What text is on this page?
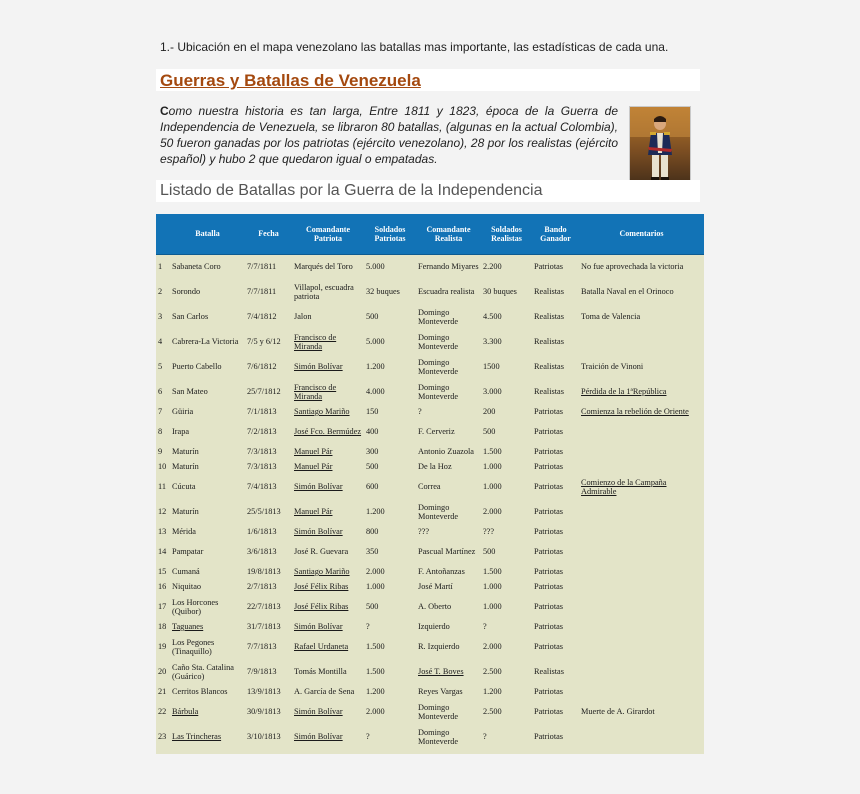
1.- Ubicación en el mapa venezolano las batallas mas importante, las estadísticas de cada una.
Guerras y Batallas de Venezuela
Como nuestra historia es tan larga, Entre 1811 y 1823, época de la Guerra de Independencia de Venezuela, se libraron 80 batallas, (algunas en la actual Colombia), 50 fueron ganadas por los patriotas (ejército venezolano), 28 por los realistas (ejército español) y hubo 2 que quedaron igual o empatadas.
Listado de Batallas por la Guerra de la Independencia
	Batalla	Fecha	Comandante Patriota	Soldados Patriotas	Comandante Realista	Soldados Realistas	Bando Ganador	Comentarios
1	Sabaneta Coro	7/7/1811	Marqués del Toro	5.000	Fernando Miyares	2.200	Patriotas	No fue aprovechada la victoria
2	Sorondo	7/7/1811	Villapol, escuadra patriota	32 buques	Escuadra realista	30 buques	Realistas	Batalla Naval en el Orinoco
3	San Carlos	7/4/1812	Jalon	500	Domingo Monteverde	4.500	Realistas	Toma de Valencia
4	Cabrera-La Victoria	7/5 y 6/12	Francisco de Miranda	5.000	Domingo Monteverde	3.300	Realistas	
5	Puerto Cabello	7/6/1812	Simón Bolívar	1.200	Domingo Monteverde	1500	Realistas	Traición de Vinoni
6	San Mateo	25/7/1812	Francisco de Miranda	4.000	Domingo Monteverde	3.000	Realistas	Pérdida de la 1ªRepública
7	Güiria	7/1/1813	Santiago Mariño	150	?	200	Patriotas	Comienza la rebelión de Oriente
8	Irapa	7/2/1813	José Fco. Bermúdez	400	F. Cerveriz	500	Patriotas	
9	Maturín	7/3/1813	Manuel Pár	300	Antonio Zuazola	1.500	Patriotas	
10	Maturín	7/3/1813	Manuel Pár	500	De la Hoz	1.000	Patriotas	
11	Cúcuta	7/4/1813	Simón Bolívar	600	Correa	1.000	Patriotas	Comienzo de la Campaña Admirable
12	Maturín	25/5/1813	Manuel Pár	1.200	Domingo Monteverde	2.000	Patriotas	
13	Mérida	1/6/1813	Simón Bolívar	800	???	???	Patriotas	
14	Pampatar	3/6/1813	José R. Guevara	350	Pascual Martínez	500	Patriotas	
15	Cumaná	19/8/1813	Santiago Mariño	2.000	F. Antoñanzas	1.500	Patriotas	
16	Niquitao	2/7/1813	José Félix Ribas	1.000	José Martí	1.000	Patriotas	
17	Los Horcones (Quibor)	22/7/1813	José Félix Ribas	500	A. Oberto	1.000	Patriotas	
18	Taguanes	31/7/1813	Simón Bolívar	?	Izquierdo	?	Patriotas	
19	Los Pegones (Tinaquillo)	7/7/1813	Rafael Urdaneta	1.500	R. Izquierdo	2.000	Patriotas	
20	Caño Sta. Catalina (Guárico)	7/9/1813	Tomás Montilla	1.500	José T. Boves	2.500	Realistas	
21	Cerritos Blancos	13/9/1813	A. García de Sena	1.200	Reyes Vargas	1.200	Patriotas	
22	Bárbula	30/9/1813	Simón Bolívar	2.000	Domingo Monteverde	2.500	Patriotas	Muerte de A. Girardot
23	Las Trincheras	3/10/1813	Simón Bolívar	?	Domingo Monteverde	?	Patriotas	
